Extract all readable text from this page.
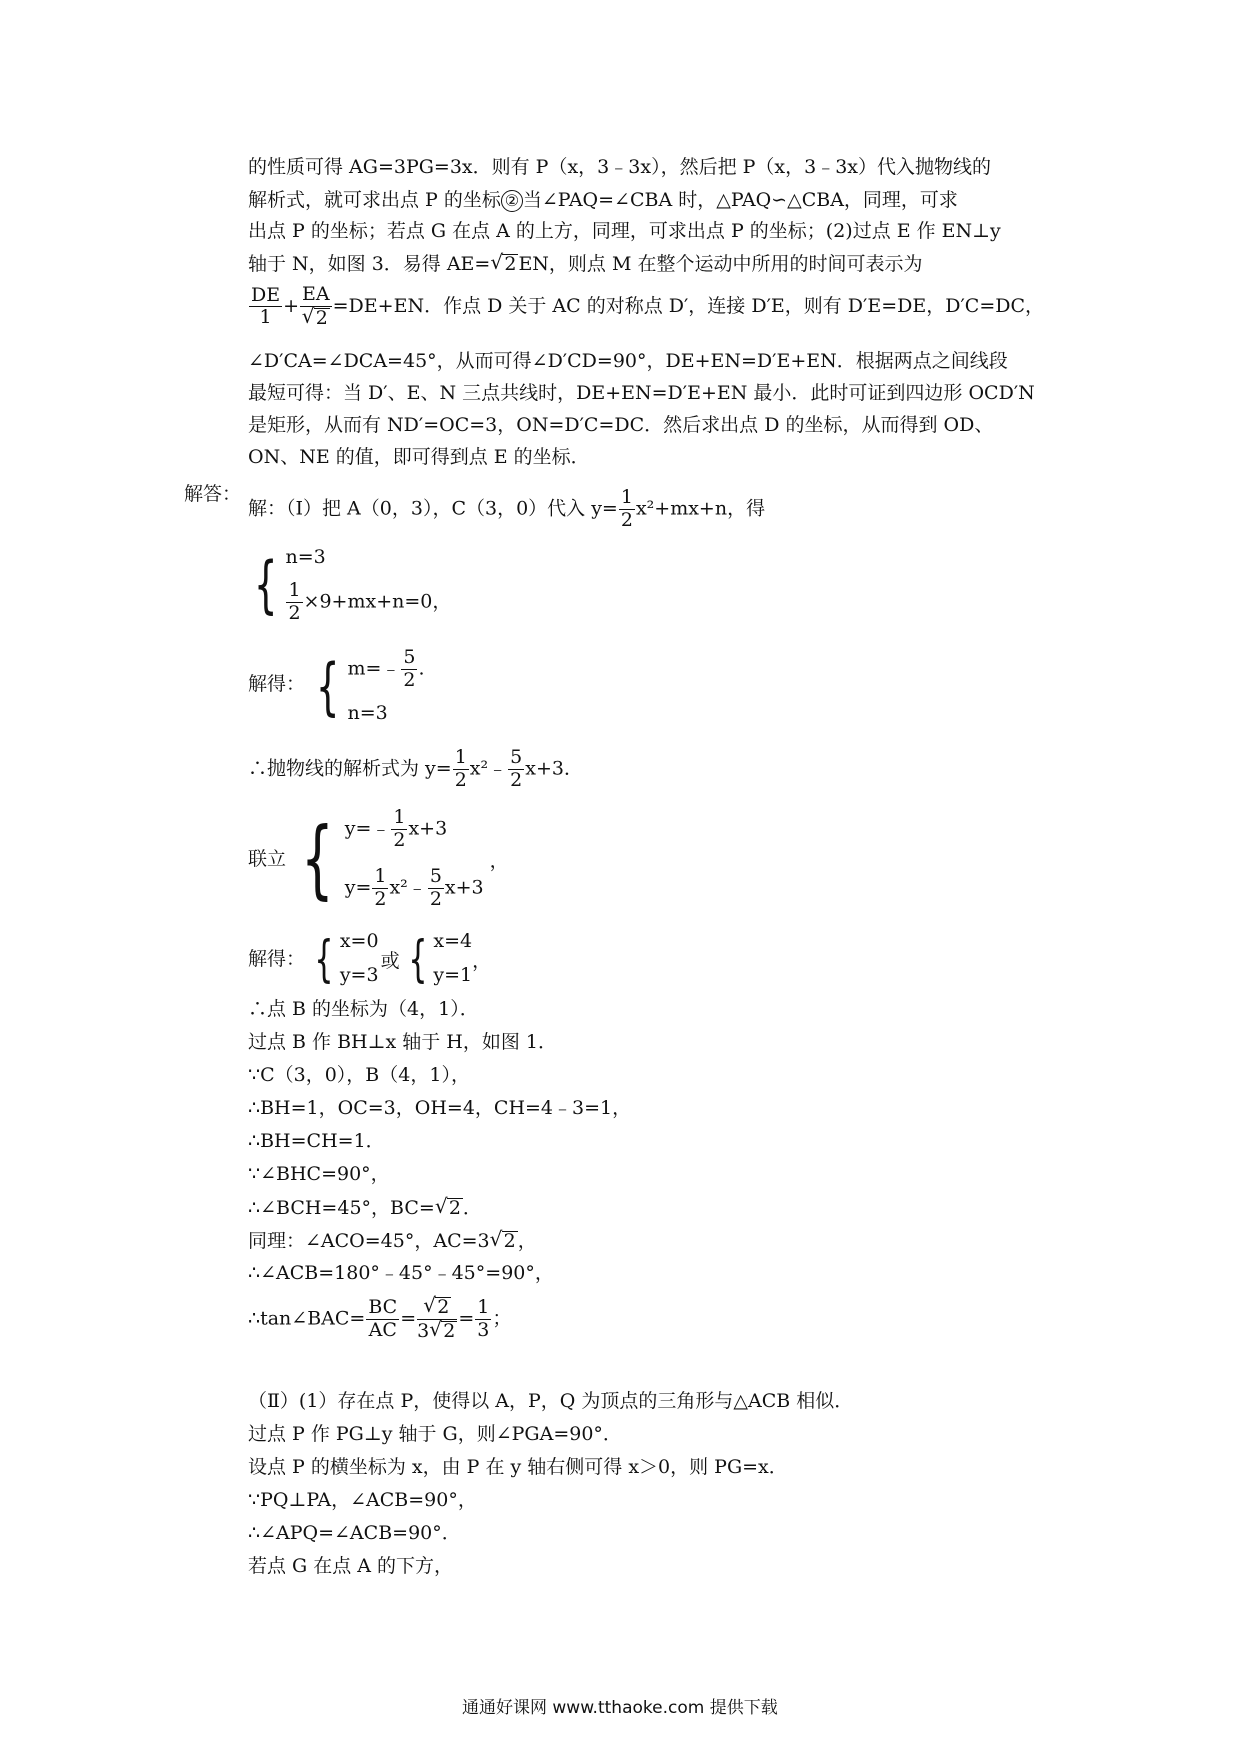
的性质可得 AG=3PG=3x．则有 P（x，3﹣3x），然后把 P（x，3﹣3x）代入抛物线的
解析式，就可求出点 P 的坐标 ② 当∠PAQ=∠CBA 时，△PAQ∽△CBA，同理，可求
出点 P 的坐标；若点 G 在点 A 的上方，同理，可求出点 P 的坐标；(2)过点 E 作 EN⊥y
轴于 N，如图 3．易得 AE= √ 2 EN，则点 M 在整个运动中所用的时间可表示为
$\frac{DE}{1}$ + EA
√ 2 =DE+EN．作点 D 关于 AC 的对称点 D′，连接 D′E，则有 D′E=DE，D′C=DC，
∠D′CA=∠DCA=45°，从而可得∠D′CD=90°，DE+EN=D′E+EN．根据两点之间线段
最短可得：当 D′、E、N 三点共线时，DE+EN=D′E+EN 最小．此时可证到四边形 OCD′N
是矩形，从而有 ND′=OC=3，ON=D′C=DC．然后求出点 D 的坐标，从而得到 OD、
ON、NE 的值，即可得到点 E 的坐标．
解答：
解：（Ⅰ）把 A（0，3），C（3，0）代入 $y= \frac{1}{2} x^2+mx+n$，得
{ n=3
$\frac{1}{2} \times 9+mx+n=0$，
解得： { m=﹣ $\frac{5}{2}$ .
n=3
∴抛物线的解析式为 $y= \frac{1}{2}$ x²﹣ $\frac{5}{2} x+3$．
联立 { y=﹣ $\frac{1}{2} x+3$
$y= \frac{1}{2}$ x²﹣ $\frac{5}{2} x+3$
，
解得： { x=0
y=3
或 { x=4
y=1
，
∴点 B 的坐标为（4，1）．
过点 B 作 BH⊥x 轴于 H，如图 1．
∵C（3，0），B（4，1），
∴BH=1，OC=3，OH=4，CH=4﹣3=1，
∴BH=CH=1．
∵∠BHC=90°，
∴∠BCH=45°，BC= √ 2 ．
同理：∠ACO=45°，AC=3 √ 2 ，
∴∠ACB=180°﹣45°﹣45°=90°，
∴tan∠BAC= $\frac{BC}{AC}$ = √ $\frac{2}{3 √ 2} = \frac{1}{3}$ ；
（Ⅱ）(1）存在点 P，使得以 A，P，Q 为顶点的三角形与△ACB 相似．
过点 P 作 PG⊥y 轴于 G，则∠PGA=90°．
设点 P 的横坐标为 x，由 P 在 y 轴右侧可得 x＞0，则 PG=x．
∵PQ⊥PA，∠ACB=90°，
∴∠APQ=∠ACB=90°．
若点 G 在点 A 的下方，
通通好课网 www.tthaoke.com 提供下载
